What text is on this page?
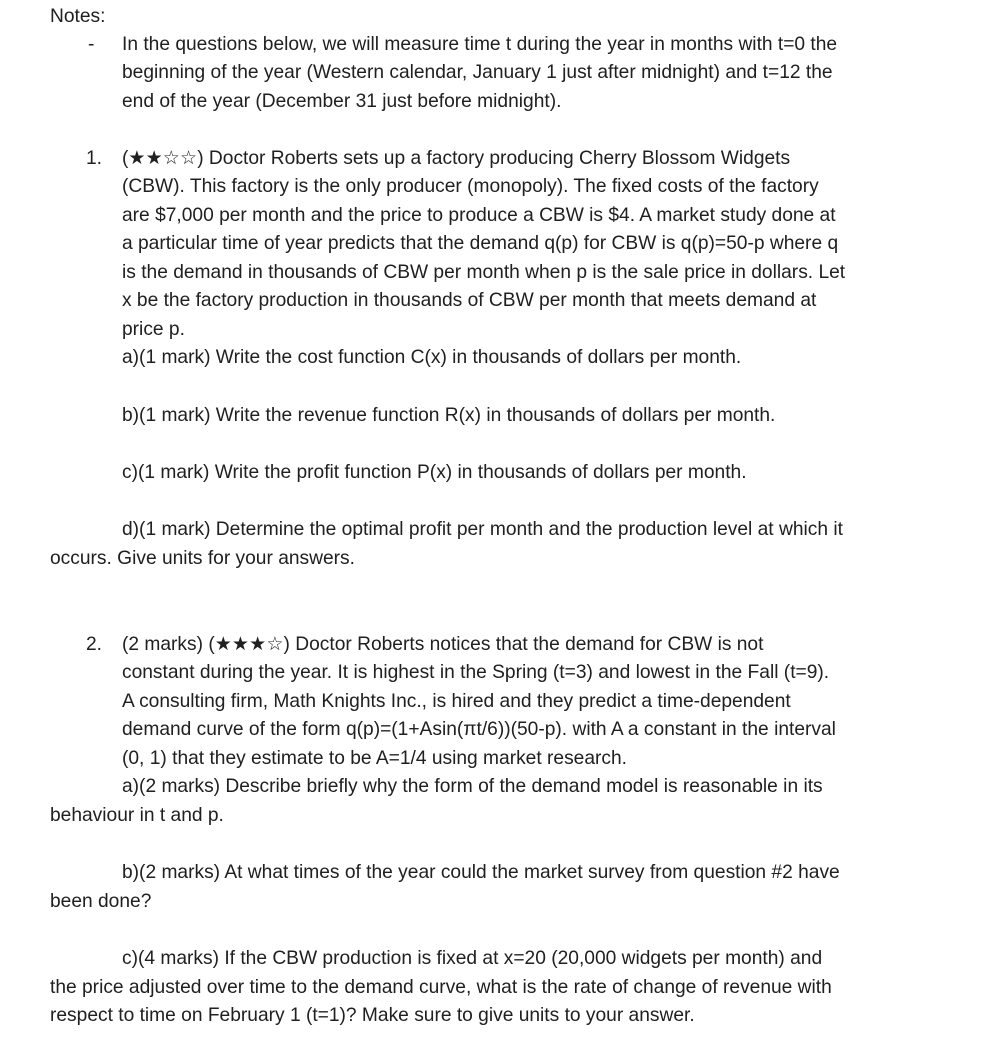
Notes:
- In the questions below, we will measure time t during the year in months with t=0 the
beginning of the year (Western calendar, January 1 just after midnight) and t=12 the
end of the year (December 31 just before midnight).
1. (★★☆☆) Doctor Roberts sets up a factory producing Cherry Blossom Widgets
(CBW). This factory is the only producer (monopoly). The fixed costs of the factory
are $7,000 per month and the price to produce a CBW is $4. A market study done at
a particular time of year predicts that the demand q(p) for CBW is q(p)=50-p where q
is the demand in thousands of CBW per month when p is the sale price in dollars. Let
x be the factory production in thousands of CBW per month that meets demand at
price p.
a)(1 mark) Write the cost function C(x) in thousands of dollars per month.
b)(1 mark) Write the revenue function R(x) in thousands of dollars per month.
c)(1 mark) Write the profit function P(x) in thousands of dollars per month.
d)(1 mark) Determine the optimal profit per month and the production level at which it
occurs. Give units for your answers.
2. (2 marks) (★★★☆) Doctor Roberts notices that the demand for CBW is not
constant during the year. It is highest in the Spring (t=3) and lowest in the Fall (t=9).
A consulting firm, Math Knights Inc., is hired and they predict a time-dependent
demand curve of the form q(p)=(1+Asin(πt/6))(50-p). with A a constant in the interval
(0, 1) that they estimate to be A=1/4 using market research.
a)(2 marks) Describe briefly why the form of the demand model is reasonable in its
behaviour in t and p.
b)(2 marks) At what times of the year could the market survey from question #2 have
been done?
c)(4 marks) If the CBW production is fixed at x=20 (20,000 widgets per month) and
the price adjusted over time to the demand curve, what is the rate of change of revenue with
respect to time on February 1 (t=1)? Make sure to give units to your answer.
